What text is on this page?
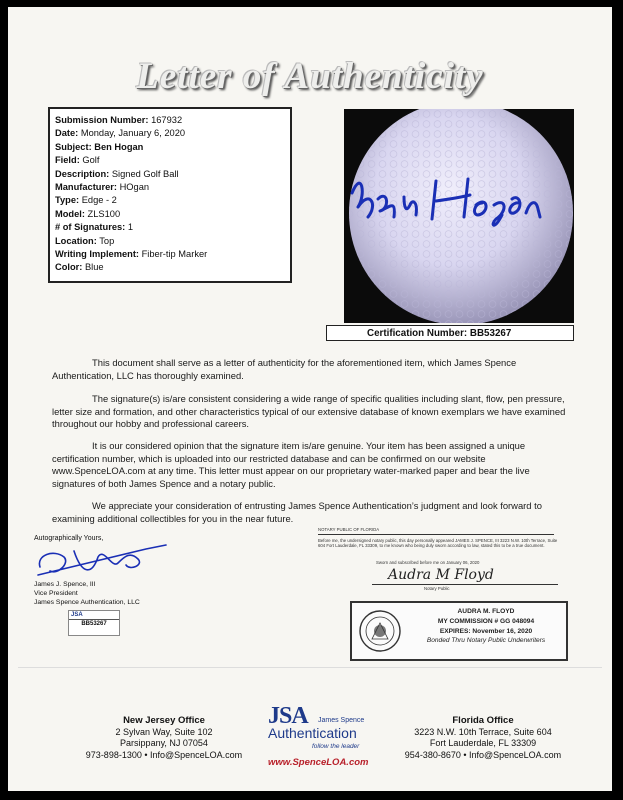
Letter of Authenticity
Submission Number: 167932
Date: Monday, January 6, 2020
Subject: Ben Hogan
Field: Golf
Description: Signed Golf Ball
Manufacturer: HOgan
Type: Edge - 2
Model: ZLS100
# of Signatures: 1
Location: Top
Writing Implement: Fiber-tip Marker
Color: Blue
Certification Number: BB53267
This document shall serve as a letter of authenticity for the aforementioned item, which James Spence Authentication, LLC has thoroughly examined.
The signature(s) is/are consistent considering a wide range of specific qualities including slant, flow, pen pressure, letter size and formation, and other characteristics typical of our extensive database of known exemplars we have examined throughout our hobby and professional careers.
It is our considered opinion that the signature item is/are genuine. Your item has been assigned a unique certification number, which is uploaded into our restricted database and can be confirmed on our website www.SpenceLOA.com at any time. This letter must appear on our proprietary water-marked paper and bear the live signatures of both James Spence and a notary public.
We appreciate your consideration of entrusting James Spence Authentication’s judgment and look forward to examining additional collectibles for you in the near future.
Autographically Yours,
James J. Spence, III
Vice President
James Spence Authentication, LLC
JSA
BB53267
NOTARY PUBLIC OF FLORIDA
Before me, the undersigned notary public, this day personally appeared JAMES J. SPENCE, III 3223 N.W. 10th Terrace, Suite 604 Fort Lauderdale, FL 33309, to me known who being duly sworn according to law, stated this to be a true document.
Sworn and subscribed before me on January 06, 2020
Audra M Floyd
Notary Public
AUDRA M. FLOYD
MY COMMISSION # GG 048094
EXPIRES: November 16, 2020
Bonded Thru Notary Public Underwriters
New Jersey Office
2 Sylvan Way, Suite 102
Parsippany, NJ 07054
973-898-1300 • Info@SpenceLOA.com
JSA James Spence
Authentication
follow the leader
www.SpenceLOA.com
Florida Office
3223 N.W. 10th Terrace, Suite 604
Fort Lauderdale, FL 33309
954-380-8670 • Info@SpenceLOA.com
